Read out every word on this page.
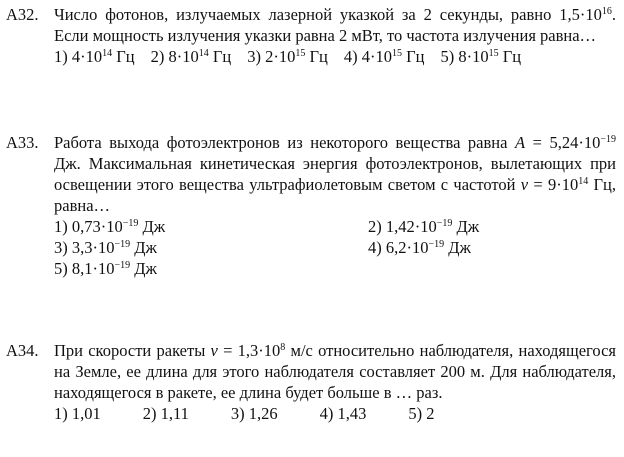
А32. Число фотонов, излучаемых лазерной указкой за 2 секунды, равно $1,5\cdot 10^{16}$. Если мощность излучения указки равна 2 мВт, то частота излучения равна…
1) $4\cdot 10^{14}$ Гц 2) $8\cdot 10^{14}$ Гц 3) $2\cdot 10^{15}$ Гц 4) $4\cdot 10^{15}$ Гц 5) $8\cdot 10^{15}$ Гц
А33. Работа выхода фотоэлектронов из некоторого вещества равна $A = 5,24\cdot 10^{-19}$ Дж. Максимальная кинетическая энергия фотоэлектронов, вылетающих при освещении этого вещества ультрафиолетовым светом с частотой $\nu = 9\cdot 10^{14}$ Гц, равна…
1) $0,73\cdot 10^{-19}$ Дж	2) $1,42\cdot 10^{-19}$ Дж
3) $3,3\cdot 10^{-19}$ Дж	4) $6,2\cdot 10^{-19}$ Дж
5) $8,1\cdot 10^{-19}$ Дж
А34. При скорости ракеты $v = 1,3\cdot 10^8$ м/с относительно наблюдателя, находящегося на Земле, ее длина для этого наблюдателя составляет 200 м. Для наблюдателя, находящегося в ракете, ее длина будет больше в … раз.
1) 1,01	2) 1,11	3) 1,26	4) 1,43	5) 2
